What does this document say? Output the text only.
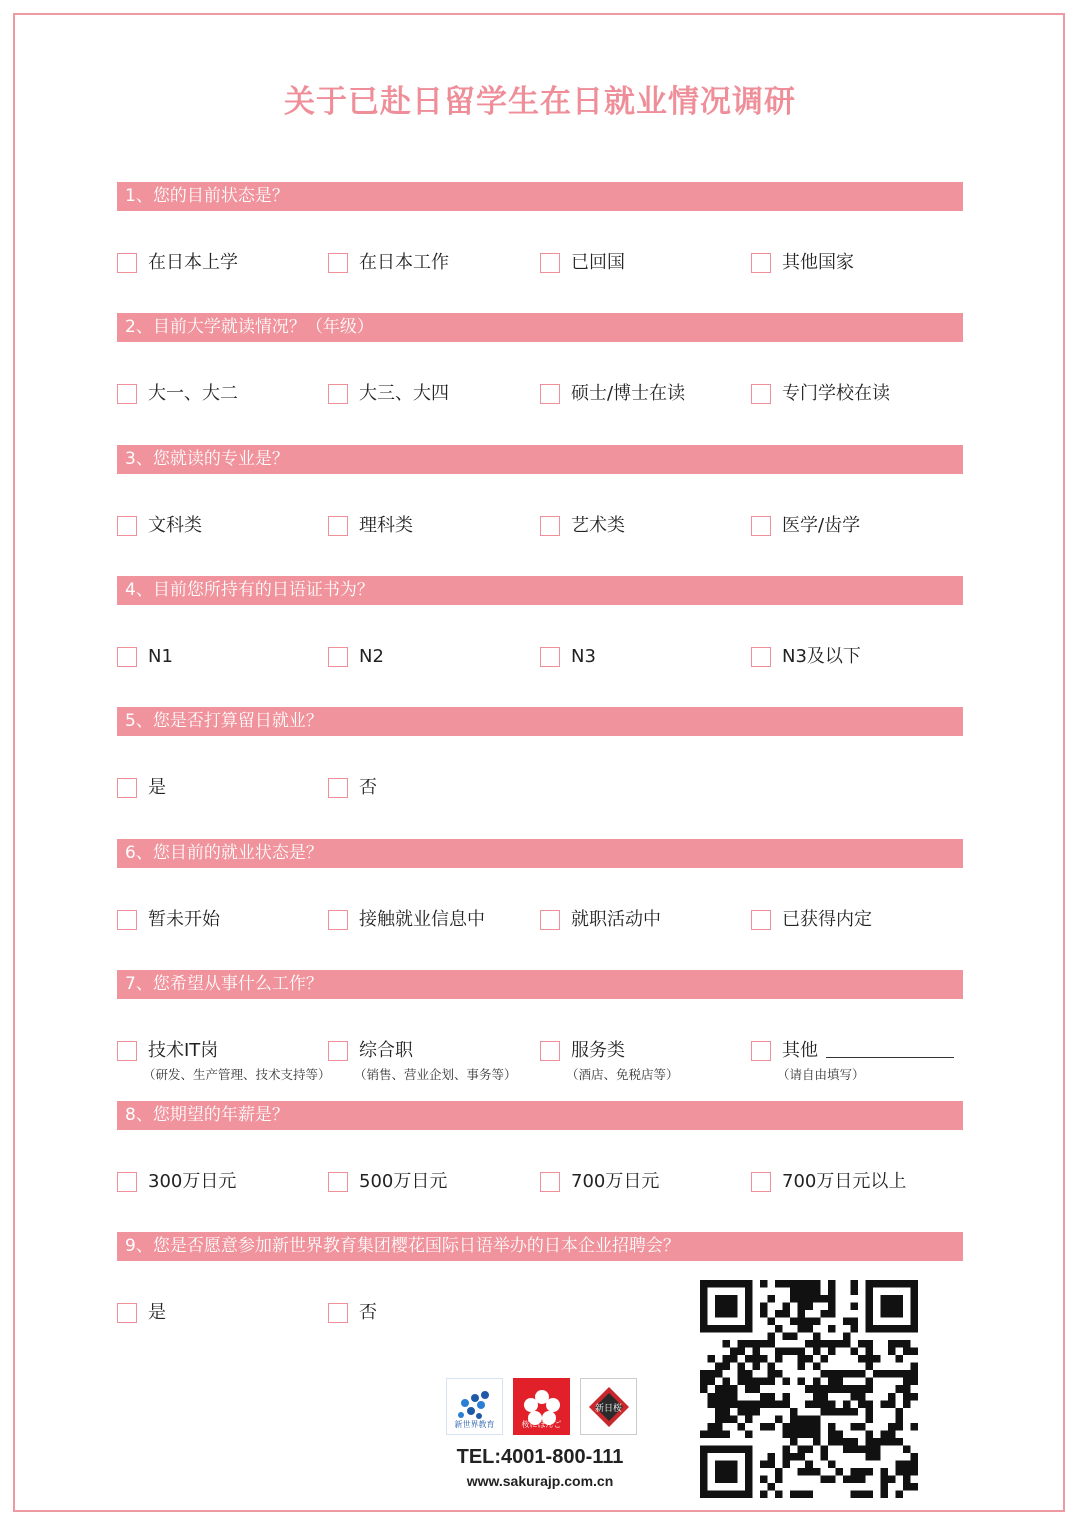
关于已赴日留学生在日就业情况调研
1、您的目前状态是？
在日本上学	在日本工作	已回国	其他国家
2、目前大学就读情况？（年级）
大一、大二	大三、大四	硕士/博士在读	专门学校在读
3、您就读的专业是？
文科类	理科类	艺术类	医学/齿学
4、目前您所持有的日语证书为？
N1	N2	N3	N3及以下
5、您是否打算留日就业？
是	否
6、您目前的就业状态是？
暂未开始	接触就业信息中	就职活动中	已获得内定
7、您希望从事什么工作？
技术IT岗
（研发、生产管理、技术支持等）
综合职
（销售、营业企划、事务等）
服务类
（酒店、免税店等）
其他
（请自由填写）
8、您期望的年薪是？
300万日元	500万日元	700万日元	700万日元以上
9、您是否愿意参加新世界教育集团樱花国际日语举办的日本企业招聘会？
是	否
新世界教育	桜にほんご
新日桜
TEL:4001-800-111
www.sakurajp.com.cn
